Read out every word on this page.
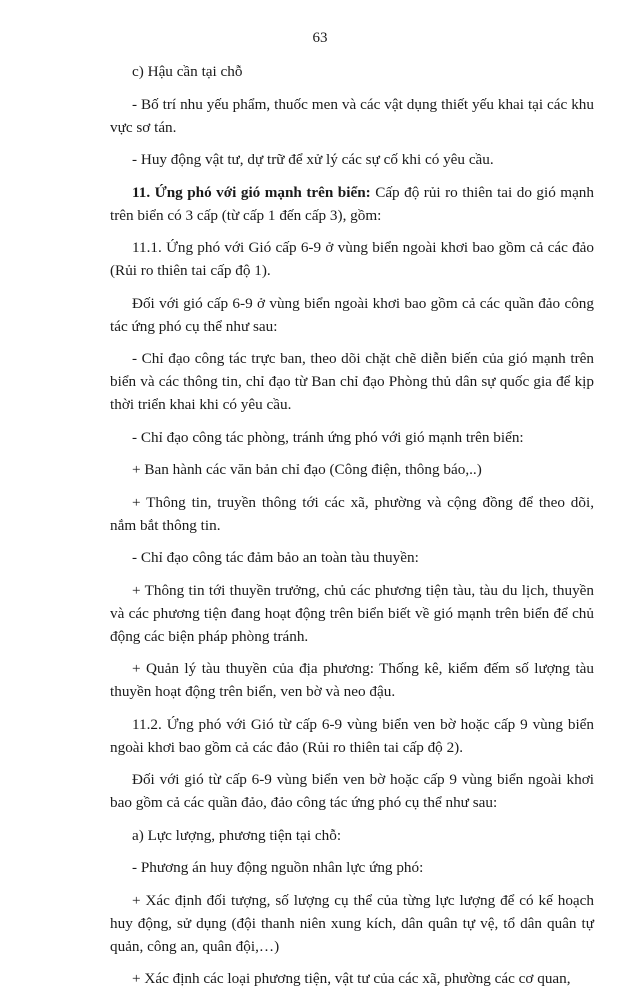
63

c) Hậu cần tại chỗ

- Bố trí nhu yếu phẩm, thuốc men và các vật dụng thiết yếu khai tại các khu vực sơ tán.

- Huy động vật tư, dự trữ để xử lý các sự cố khi có yêu cầu.

11. Ứng phó với gió mạnh trên biển: Cấp độ rủi ro thiên tai do gió mạnh trên biển có 3 cấp (từ cấp 1 đến cấp 3), gồm:

11.1. Ứng phó với Gió cấp 6-9 ở vùng biển ngoài khơi bao gồm cả các đảo (Rủi ro thiên tai cấp độ 1).

Đối với gió cấp 6-9 ở vùng biển ngoài khơi bao gồm cả các quần đảo công tác ứng phó cụ thể như sau:

- Chỉ đạo công tác trực ban, theo dõi chặt chẽ diễn biến của gió mạnh trên biển và các thông tin, chỉ đạo từ Ban chỉ đạo Phòng thủ dân sự quốc gia để kịp thời triển khai khi có yêu cầu.

- Chỉ đạo công tác phòng, tránh ứng phó với gió mạnh trên biển:

+ Ban hành các văn bản chỉ đạo (Công điện, thông báo,..)

+ Thông tin, truyền thông tới các xã, phường và cộng đồng để theo dõi, nắm bắt thông tin.

- Chỉ đạo công tác đảm bảo an toàn tàu thuyền:

+ Thông tin tới thuyền trưởng, chủ các phương tiện tàu, tàu du lịch, thuyền và các phương tiện đang hoạt động trên biển biết về gió mạnh trên biển để chủ động các biện pháp phòng tránh.

+ Quản lý tàu thuyền của địa phương: Thống kê, kiểm đếm số lượng tàu thuyền hoạt động trên biển, ven bờ và neo đậu.

11.2. Ứng phó với Gió từ cấp 6-9 vùng biển ven bờ hoặc cấp 9 vùng biển ngoài khơi bao gồm cả các đảo (Rủi ro thiên tai cấp độ 2).

Đối với gió từ cấp 6-9 vùng biển ven bờ hoặc cấp 9 vùng biển ngoài khơi bao gồm cả các quần đảo, đảo công tác ứng phó cụ thể như sau:

a) Lực lượng, phương tiện tại chỗ:

- Phương án huy động nguồn nhân lực ứng phó:

+ Xác định đối tượng, số lượng cụ thể của từng lực lượng để có kế hoạch huy động, sử dụng (đội thanh niên xung kích, dân quân tự vệ, tổ dân quân tự quản, công an, quân đội,…)

+ Xác định các loại phương tiện, vật tư của các xã, phường các cơ quan,
